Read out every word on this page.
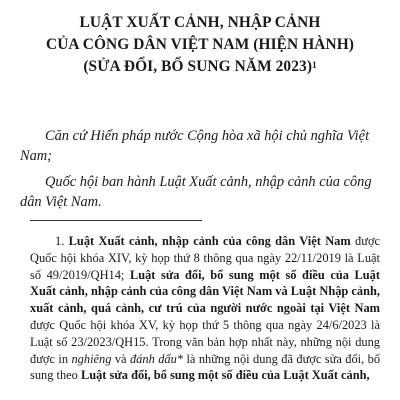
LUẬT XUẤT CẢNH, NHẬP CẢNH
CỦA CÔNG DÂN VIỆT NAM (HIỆN HÀNH)
(SỬA ĐỔI, BỔ SUNG NĂM 2023)$^1$

Căn cứ Hiến pháp nước Cộng hòa xã hội chủ nghĩa Việt Nam;

Quốc hội ban hành Luật Xuất cảnh, nhập cảnh của công dân Việt Nam.

1. Luật Xuất cảnh, nhập cảnh của công dân Việt Nam được Quốc hội khóa XIV, kỳ họp thứ 8 thông qua ngày 22/11/2019 là Luật số 49/2019/QH14; Luật sửa đổi, bổ sung một số điều của Luật Xuất cảnh, nhập cảnh của công dân Việt Nam và Luật Nhập cảnh, xuất cảnh, quá cảnh, cư trú của người nước ngoài tại Việt Nam được Quốc hội khóa XV, kỳ họp thứ 5 thông qua ngày 24/6/2023 là Luật số 23/2023/QH15. Trong văn bản hợp nhất này, những nội dung được in nghiêng và đánh dấu* là những nội dung đã được sửa đổi, bổ sung theo Luật sửa đổi, bổ sung một số điều của Luật Xuất cảnh,
